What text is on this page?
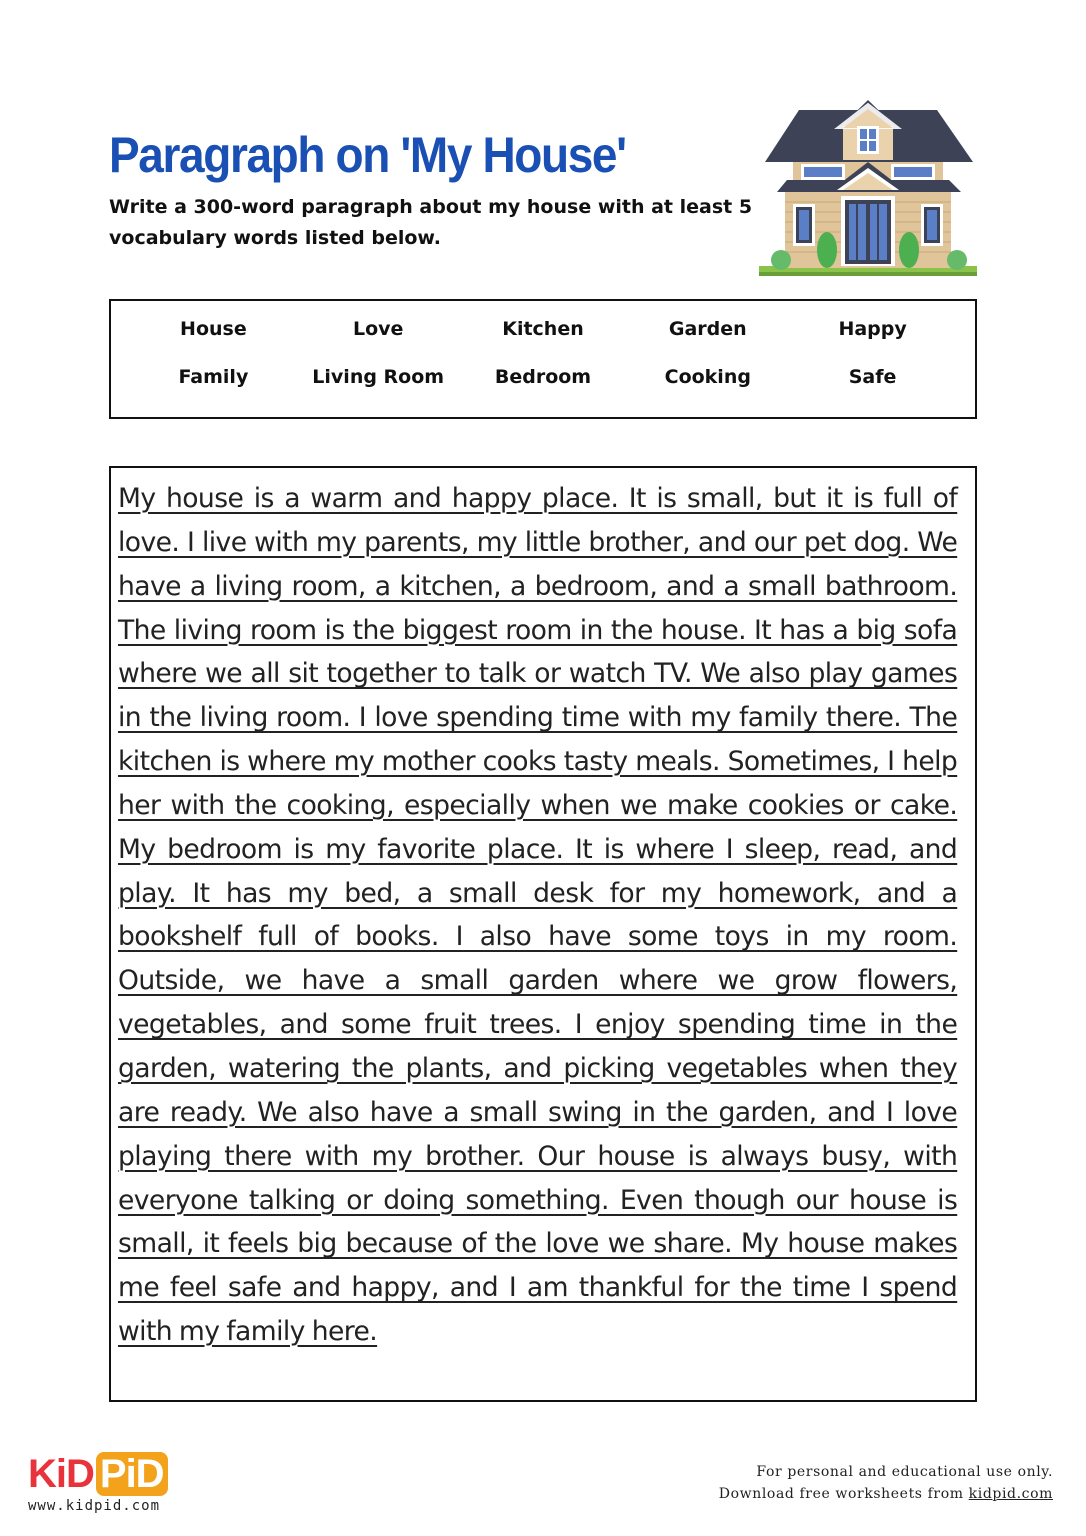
Paragraph on 'My House'

Write a 300-word paragraph about my house with at least 5 vocabulary words listed below.

House	Love	Kitchen	Garden	Happy
Family	Living Room	Bedroom	Cooking	Safe

My house is a warm and happy place. It is small, but it is full of love. I live with my parents, my little brother, and our pet dog. We have a living room, a kitchen, a bedroom, and a small bathroom. The living room is the biggest room in the house. It has a big sofa where we all sit together to talk or watch TV. We also play games in the living room. I love spending time with my family there. The kitchen is where my mother cooks tasty meals. Sometimes, I help her with the cooking, especially when we make cookies or cake. My bedroom is my favorite place. It is where I sleep, read, and play. It has my bed, a small desk for my homework, and a bookshelf full of books. I also have some toys in my room. Outside, we have a small garden where we grow flowers, vegetables, and some fruit trees. I enjoy spending time in the garden, watering the plants, and picking vegetables when they are ready. We also have a small swing in the garden, and I love playing there with my brother. Our house is always busy, with everyone talking or doing something. Even though our house is small, it feels big because of the love we share. My house makes me feel safe and happy, and I am thankful for the time I spend with my family here.

KiD PiD
www.kidpid.com
For personal and educational use only.
Download free worksheets from kidpid.com
